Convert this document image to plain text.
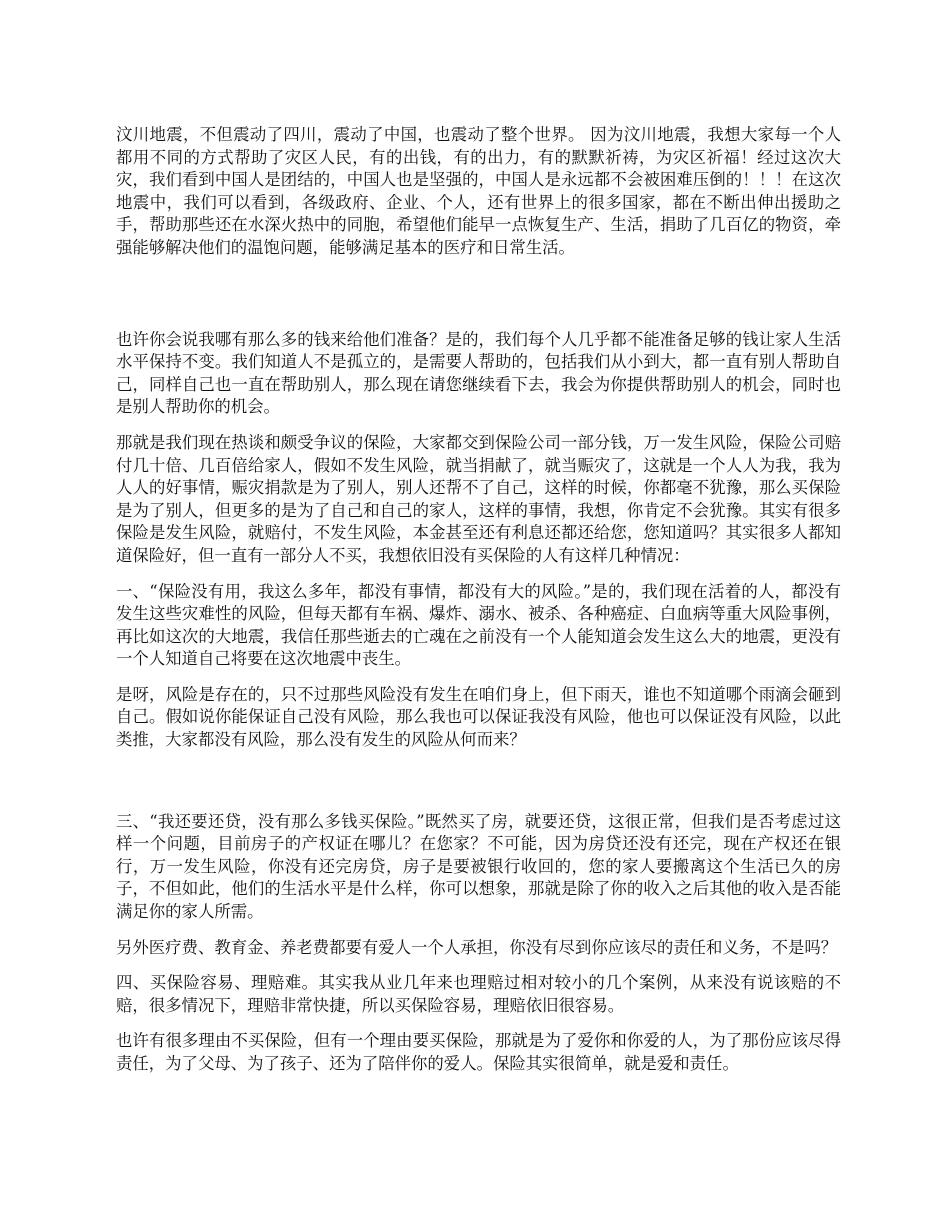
汶川地震，不但震动了四川，震动了中国，也震动了整个世界。 因为汶川地震，我想大家每一个人都用不同的方式帮助了灾区人民，有的出钱，有的出力，有的默默祈祷，为灾区祈福！经过这次大灾，我们看到中国人是团结的，中国人也是坚强的，中国人是永远都不会被困难压倒的！！！在这次地震中，我们可以看到，各级政府、企业、个人，还有世界上的很多国家，都在不断出伸出援助之手，帮助那些还在水深火热中的同胞，希望他们能早一点恢复生产、生活，捐助了几百亿的物资，牵强能够解决他们的温饱问题，能够满足基本的医疗和日常生活。

也许你会说我哪有那么多的钱来给他们准备？是的，我们每个人几乎都不能准备足够的钱让家人生活水平保持不变。我们知道人不是孤立的，是需要人帮助的，包括我们从小到大，都一直有别人帮助自己，同样自己也一直在帮助别人，那么现在请您继续看下去，我会为你提供帮助别人的机会，同时也是别人帮助你的机会。

那就是我们现在热谈和颇受争议的保险，大家都交到保险公司一部分钱，万一发生风险，保险公司赔付几十倍、几百倍给家人，假如不发生风险，就当捐献了，就当赈灾了，这就是一个人人为我，我为人人的好事情，赈灾捐款是为了别人，别人还帮不了自己，这样的时候，你都毫不犹豫，那么买保险是为了别人，但更多的是为了自己和自己的家人，这样的事情，我想，你肯定不会犹豫。其实有很多保险是发生风险，就赔付，不发生风险，本金甚至还有利息还都还给您，您知道吗？其实很多人都知道保险好，但一直有一部分人不买，我想依旧没有买保险的人有这样几种情况：

一、“保险没有用，我这么多年，都没有事情，都没有大的风险。”是的，我们现在活着的人，都没有发生这些灾难性的风险，但每天都有车祸、爆炸、溺水、被杀、各种癌症、白血病等重大风险事例，再比如这次的大地震，我信任那些逝去的亡魂在之前没有一个人能知道会发生这么大的地震，更没有一个人知道自己将要在这次地震中丧生。

是呀，风险是存在的，只不过那些风险没有发生在咱们身上，但下雨天，谁也不知道哪个雨滴会砸到自己。假如说你能保证自己没有风险，那么我也可以保证我没有风险，他也可以保证没有风险，以此类推，大家都没有风险，那么没有发生的风险从何而来？

三、“我还要还贷，没有那么多钱买保险。”既然买了房，就要还贷，这很正常，但我们是否考虑过这样一个问题，目前房子的产权证在哪儿？在您家？不可能，因为房贷还没有还完，现在产权还在银行，万一发生风险，你没有还完房贷，房子是要被银行收回的，您的家人要搬离这个生活已久的房子，不但如此，他们的生活水平是什么样，你可以想象，那就是除了你的收入之后其他的收入是否能满足你的家人所需。

另外医疗费、教育金、养老费都要有爱人一个人承担，你没有尽到你应该尽的责任和义务，不是吗？

四、买保险容易、理赔难。其实我从业几年来也理赔过相对较小的几个案例，从来没有说该赔的不赔，很多情况下，理赔非常快捷，所以买保险容易，理赔依旧很容易。

也许有很多理由不买保险，但有一个理由要买保险，那就是为了爱你和你爱的人，为了那份应该尽得责任，为了父母、为了孩子、还为了陪伴你的爱人。保险其实很简单，就是爱和责任。
